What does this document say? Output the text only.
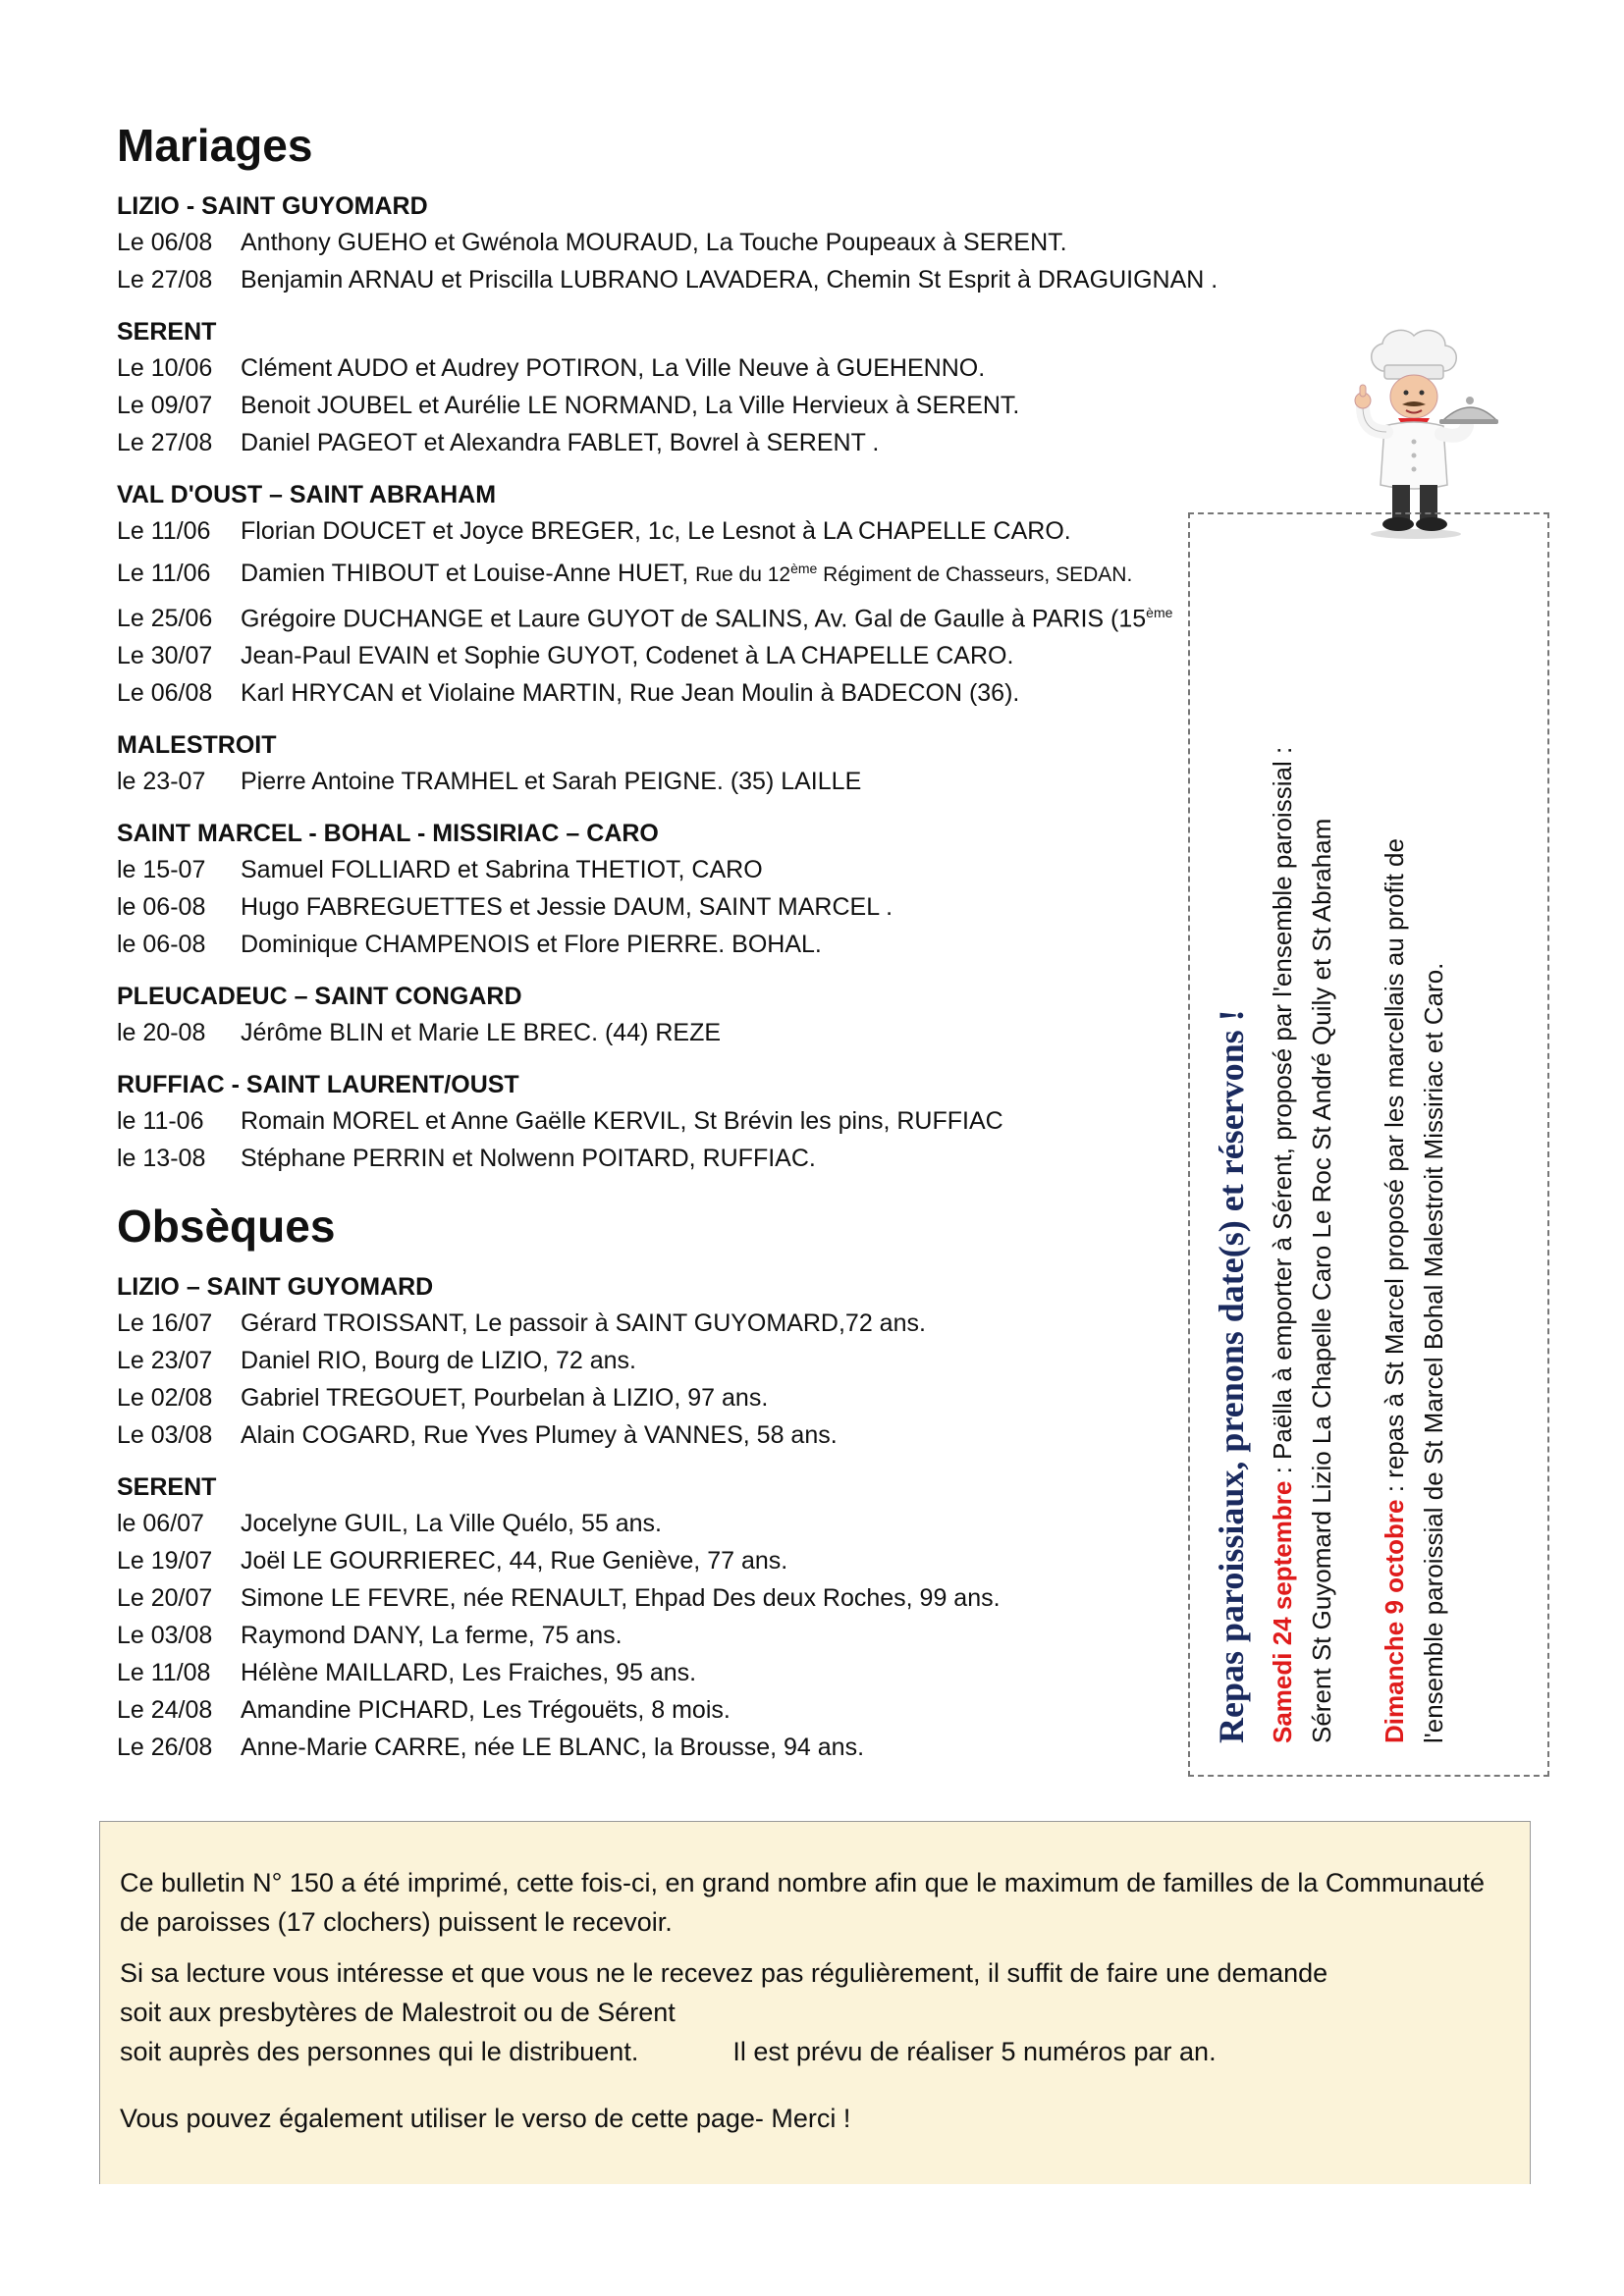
Mariages
LIZIO - SAINT GUYOMARD
Le 06/08 Anthony GUEHO et Gwénola MOURAUD, La Touche Poupeaux à SERENT.
Le 27/08 Benjamin ARNAU et Priscilla LUBRANO LAVADERA, Chemin St Esprit à DRAGUIGNAN .
SERENT
Le 10/06 Clément AUDO et Audrey POTIRON, La Ville Neuve à GUEHENNO.
Le 09/07 Benoit JOUBEL et Aurélie LE NORMAND, La Ville Hervieux à SERENT.
Le 27/08 Daniel PAGEOT et Alexandra FABLET, Bovrel à SERENT .
VAL D'OUST – SAINT ABRAHAM
Le 11/06 Florian DOUCET et Joyce BREGER, 1c, Le Lesnot à LA CHAPELLE CARO.
Le 11/06 Damien THIBOUT et Louise-Anne HUET, Rue du 12ème Régiment de Chasseurs, SEDAN.
Le 25/06 Grégoire DUCHANGE et Laure GUYOT de SALINS, Av. Gal de Gaulle à PARIS (15ème
Le 30/07 Jean-Paul EVAIN et Sophie GUYOT, Codenet à LA CHAPELLE CARO.
Le 06/08 Karl HRYCAN et Violaine MARTIN, Rue Jean Moulin à BADECON (36).
MALESTROIT
le 23-07 Pierre Antoine TRAMHEL et Sarah PEIGNE. (35) LAILLE
SAINT MARCEL - BOHAL - MISSIRIAC – CARO
le 15-07 Samuel FOLLIARD et Sabrina THETIOT, CARO
le 06-08 Hugo FABREGUETTES et Jessie DAUM, SAINT MARCEL .
le 06-08 Dominique CHAMPENOIS et Flore PIERRE. BOHAL.
PLEUCADEUC – SAINT CONGARD
le 20-08 Jérôme BLIN et Marie LE BREC. (44) REZE
RUFFIAC - SAINT LAURENT/OUST
le 11-06 Romain MOREL et Anne Gaëlle KERVIL, St Brévin les pins, RUFFIAC
le 13-08 Stéphane PERRIN et Nolwenn POITARD, RUFFIAC.
Obsèques
LIZIO – SAINT GUYOMARD
Le 16/07 Gérard TROISSANT, Le passoir à SAINT GUYOMARD,72 ans.
Le 23/07 Daniel RIO, Bourg de LIZIO, 72 ans.
Le 02/08 Gabriel TREGOUET, Pourbelan à LIZIO, 97 ans.
Le 03/08 Alain COGARD, Rue Yves Plumey à VANNES, 58 ans.
SERENT
le 06/07 Jocelyne GUIL, La Ville Quélo, 55 ans.
Le 19/07 Joël LE GOURRIEREC, 44, Rue Geniève, 77 ans.
Le 20/07 Simone LE FEVRE, née RENAULT, Ehpad Des deux Roches, 99 ans.
Le 03/08 Raymond DANY, La ferme, 75 ans.
Le 11/08 Hélène MAILLARD, Les Fraiches, 95 ans.
Le 24/08 Amandine PICHARD, Les Trégouëts, 8 mois.
Le 26/08 Anne-Marie CARRE, née LE BLANC, la Brousse, 94 ans.
Repas paroissiaux, prenons date(s) et réservons ! Samedi 24 septembre : Paëlla à emporter à Sérent, proposé par l'ensemble paroissial : Sérent St Guyomard Lizio La Chapelle Caro Le Roc St André Quily et St Abraham Dimanche 9 octobre : repas à St Marcel proposé par les marcellais au profit de l'ensemble paroissial de St Marcel Bohal Malestroit Missiriac et Caro.

Ce bulletin N° 150 a été imprimé, cette fois-ci, en grand nombre afin que le maximum de familles de la Communauté de paroisses (17 clochers) puissent le recevoir.

Si sa lecture vous intéresse et que vous ne le recevez pas régulièrement, il suffit de faire une demande
soit aux presbytères de Malestroit ou de Sérent
soit auprès des personnes qui le distribuent.	Il est prévu de réaliser 5 numéros par an.

Vous pouvez également utiliser le verso de cette page- Merci !
